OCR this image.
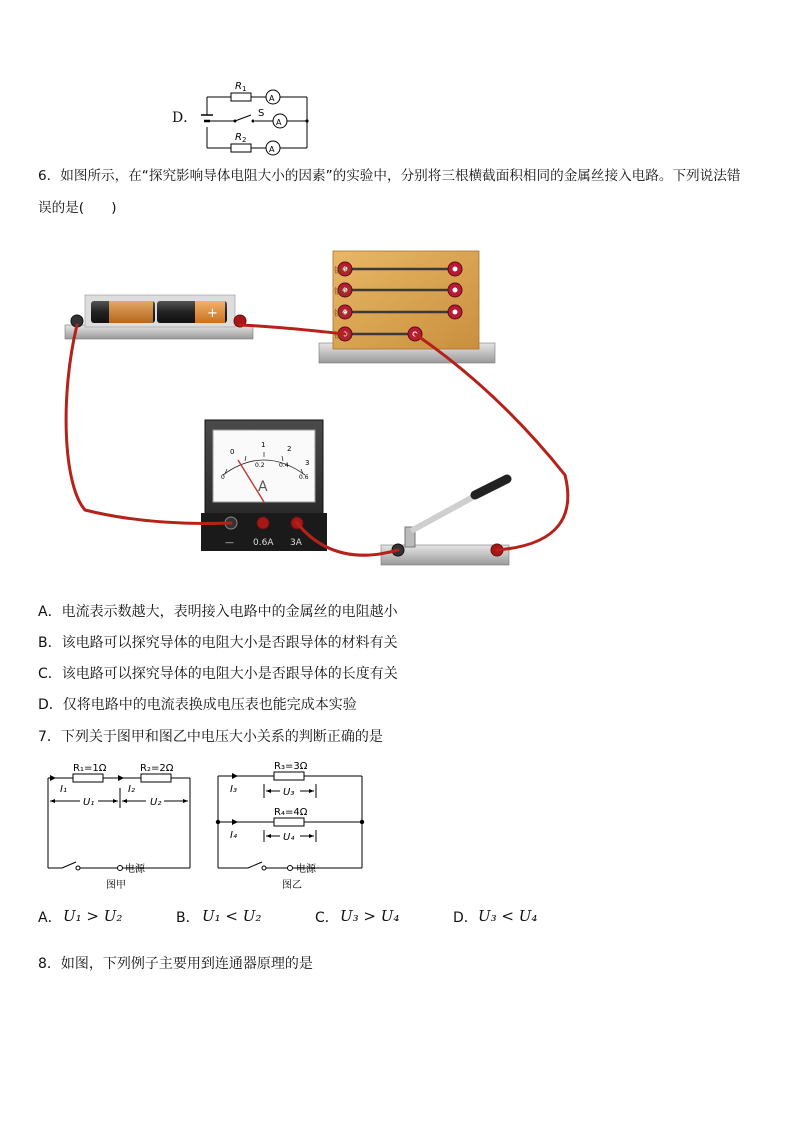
D．
R 1
R 2
S
A
A
A
6．如图所示，在“探究影响导体电阻大小的因素”的实验中，分别将三根横截面积相同的金属丝接入电路。下列说法错
误的是(　　)
+
锰铜
锰铜
镍铬
镍铬
0
1	2
3
0
0.2 0.4
0.6
A
— 0.6A 3A
A．电流表示数越大，表明接入电路中的金属丝的电阻越小
B．该电路可以探究导体的电阻大小是否跟导体的材料有关
C．该电路可以探究导体的电阻大小是否跟导体的长度有关
D．仅将电路中的电流表换成电压表也能完成本实验
7．下列关于图甲和图乙中电压大小关系的判断正确的是
R₁=1Ω	R₂=2Ω
I₁	I₂
U₁	U₂
电源
图甲
R₃=3Ω
R₄=4Ω
I₃
I₄
U₃
U₄
电源
图乙
A． U₁ > U₂	B． U₁ < U₂	C． U₃ > U₄	D． U₃ < U₄
8．如图，下列例子主要用到连通器原理的是
